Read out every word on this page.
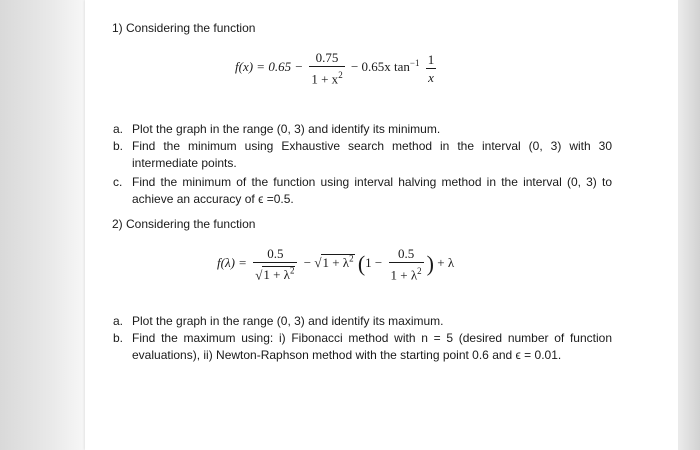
1) Considering the function
$f(x) = 0.65 - \frac{0.75}{1 + x^2} - 0.65x$ $\tan^{-1} \frac{1}{x}$
a. Plot the graph in the range (0, 3) and identify its minimum.
b. Find the minimum using Exhaustive search method in the interval (0, 3) with 30 intermediate points.
c. Find the minimum of the function using interval halving method in the interval (0, 3) to achieve an accuracy of ϵ =0.5.
2) Considering the function
$f(\lambda) = \frac{0.5}{√1 + \lambda^2} - √1 + \lambda^2$ ($1 - \frac{0.5}{1 + \lambda^2}$ ) + λ
a. Plot the graph in the range (0, 3) and identify its maximum.
b. Find the maximum using: i) Fibonacci method with n = 5 (desired number of function evaluations), ii) Newton-Raphson method with the starting point 0.6 and ϵ = 0.01.
